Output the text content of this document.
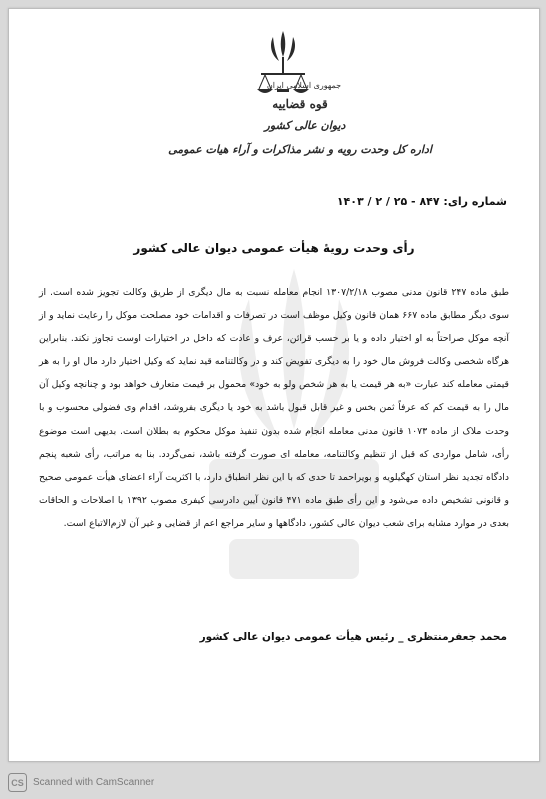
جمهوری اسلامی ایران
قوه قضاییه
دیوان عالی کشور
اداره کل وحدت رویه و نشر مذاکرات و آراء هیات عمومی
شماره رای: ۸۴۷ - ۲۵ / ۲ / ۱۴۰۳
رأی وحدت رویهٔ هیأت عمومی دیوان عالی کشور
طبق ماده ۲۴۷ قانون مدنی مصوب ۱۳۰۷/۲/۱۸ انجام معامله نسبت به مال دیگری از طریق وکالت تجویز شده است. از سوی دیگر مطابق ماده ۶۶۷ همان قانون وکیل موظف است در تصرفات و اقدامات خود مصلحت موکل را رعایت نماید و از آنچه موکل صراحتاً به او اختیار داده و یا بر حسب قرائن، عرف و عادت که داخل در اختیارات اوست تجاوز نکند. بنابراین هرگاه شخصی وکالت فروش مال خود را به دیگری تفویض کند و در وکالتنامه قید نماید که وکیل اختیار دارد مال او را به هر قیمتی معامله کند عبارت «به هر قیمت یا به هر شخص ولو به خود» محمول بر قیمت متعارف خواهد بود و چنانچه وکیل آن مال را به قیمت کم که عرفاً ثمن بخس و غیر قابل قبول باشد به خود یا دیگری بفروشد، اقدام وی فضولی محسوب و با وحدت ملاک از ماده ۱۰۷۳ قانون مدنی معامله انجام شده بدون تنفیذ موکل محکوم به بطلان است. بدیهی است موضوع رأی، شامل مواردی که قبل از تنظیم وکالتنامه، معامله ای صورت گرفته باشد، نمی‌گردد. بنا به مراتب، رأی شعبه پنجم دادگاه تجدید نظر استان کهگیلویه و بویراحمد تا حدی که با این نظر انطباق دارد، با اکثریت آراء اعضای هیأت عمومی صحیح و قانونی تشخیص داده می‌شود و این رأی طبق ماده ۴۷۱ قانون آیین دادرسی کیفری مصوب ۱۳۹۲ با اصلاحات و الحاقات بعدی در موارد مشابه برای شعب دیوان عالی کشور، دادگاهها و سایر مراجع اعم از قضایی و غیر آن لازم‌الاتباع است.
محمد جعفرمنتظری _ رئیس هیأت عمومی دیوان عالی کشور
CS Scanned with CamScanner
